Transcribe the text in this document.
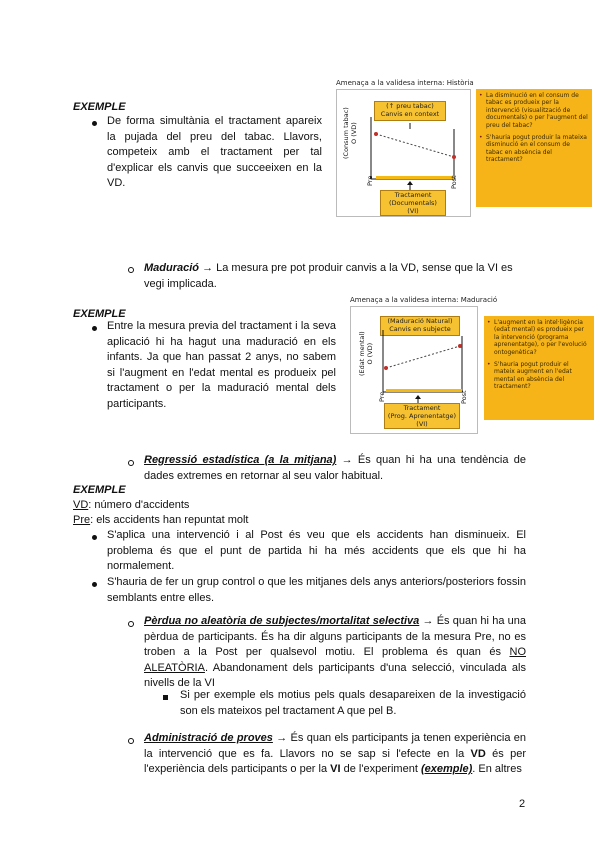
EXEMPLE
De forma simultània el tractament apareix la pujada del preu del tabac. Llavors, competeix amb el tractament per tal d'explicar els canvis que succeeixen en la VD.
Amenaça a la validesa interna: Història
(↑ preu tabac)
Canvis en context
(Consum tabac)
O (VD)
Pre	Post
Tractament
(Documentals)
(VI)

• La disminució en el consum de tabac es produeix per la intervenció (visualització de documentals) o per l'augment del preu del tabac?

• S'hauria pogut produir la mateixa disminució en el consum de tabac en absència del tractament?

Maduració → La mesura pre pot produir canvis a la VD, sense que la VI es vegi implicada.
EXEMPLE
Entre la mesura previa del tractament i la seva aplicació hi ha hagut una maduració en els infants. Ja que han passat 2 anys, no sabem si l'augment en l'edat mental es produeix pel tractament o per la maduració mental dels participants.
Amenaça a la validesa interna: Maduració
(Maduració Natural)
Canvis en subjecte
(Edat mental)
O (VD)
Pre	Post
Tractament
(Prog. Aprenentatge)
(VI)

• L'augment en la intel·ligència (edat mental) es produeix per la intervenció (programa aprenentatge), o per l'evolució ontogenètica?

• S'hauria pogut produir el mateix augment en l'edat mental en absència del tractament?

Regressió estadística (a la mitjana) → És quan hi ha una tendència de dades extremes en retornar al seu valor habitual.
EXEMPLE
VD: número d'accidents
Pre: els accidents han repuntat molt
S'aplica una intervenció i al Post és veu que els accidents han disminueix. El problema és que el punt de partida hi ha més accidents que els que hi ha normalement.
S'hauria de fer un grup control o que les mitjanes dels anys anteriors/posteriors fossin semblants entre elles.
Pèrdua no aleatòria de subjectes/mortalitat selectiva → És quan hi ha una pèrdua de participants. És ha dir alguns participants de la mesura Pre, no es troben a la Post per qualsevol motiu. El problema és quan és NO ALEATÒRIA. Abandonament dels participants d'una selecció, vinculada als nivells de la VI
Si per exemple els motius pels quals desapareixen de la investigació son els mateixos pel tractament A que pel B.
Administració de proves → És quan els participants ja tenen experiència en la intervenció que es fa. Llavors no se sap si l'efecte en la VD és per l'experiència dels participants o per la VI de l'experiment (exemple). En altres
2
